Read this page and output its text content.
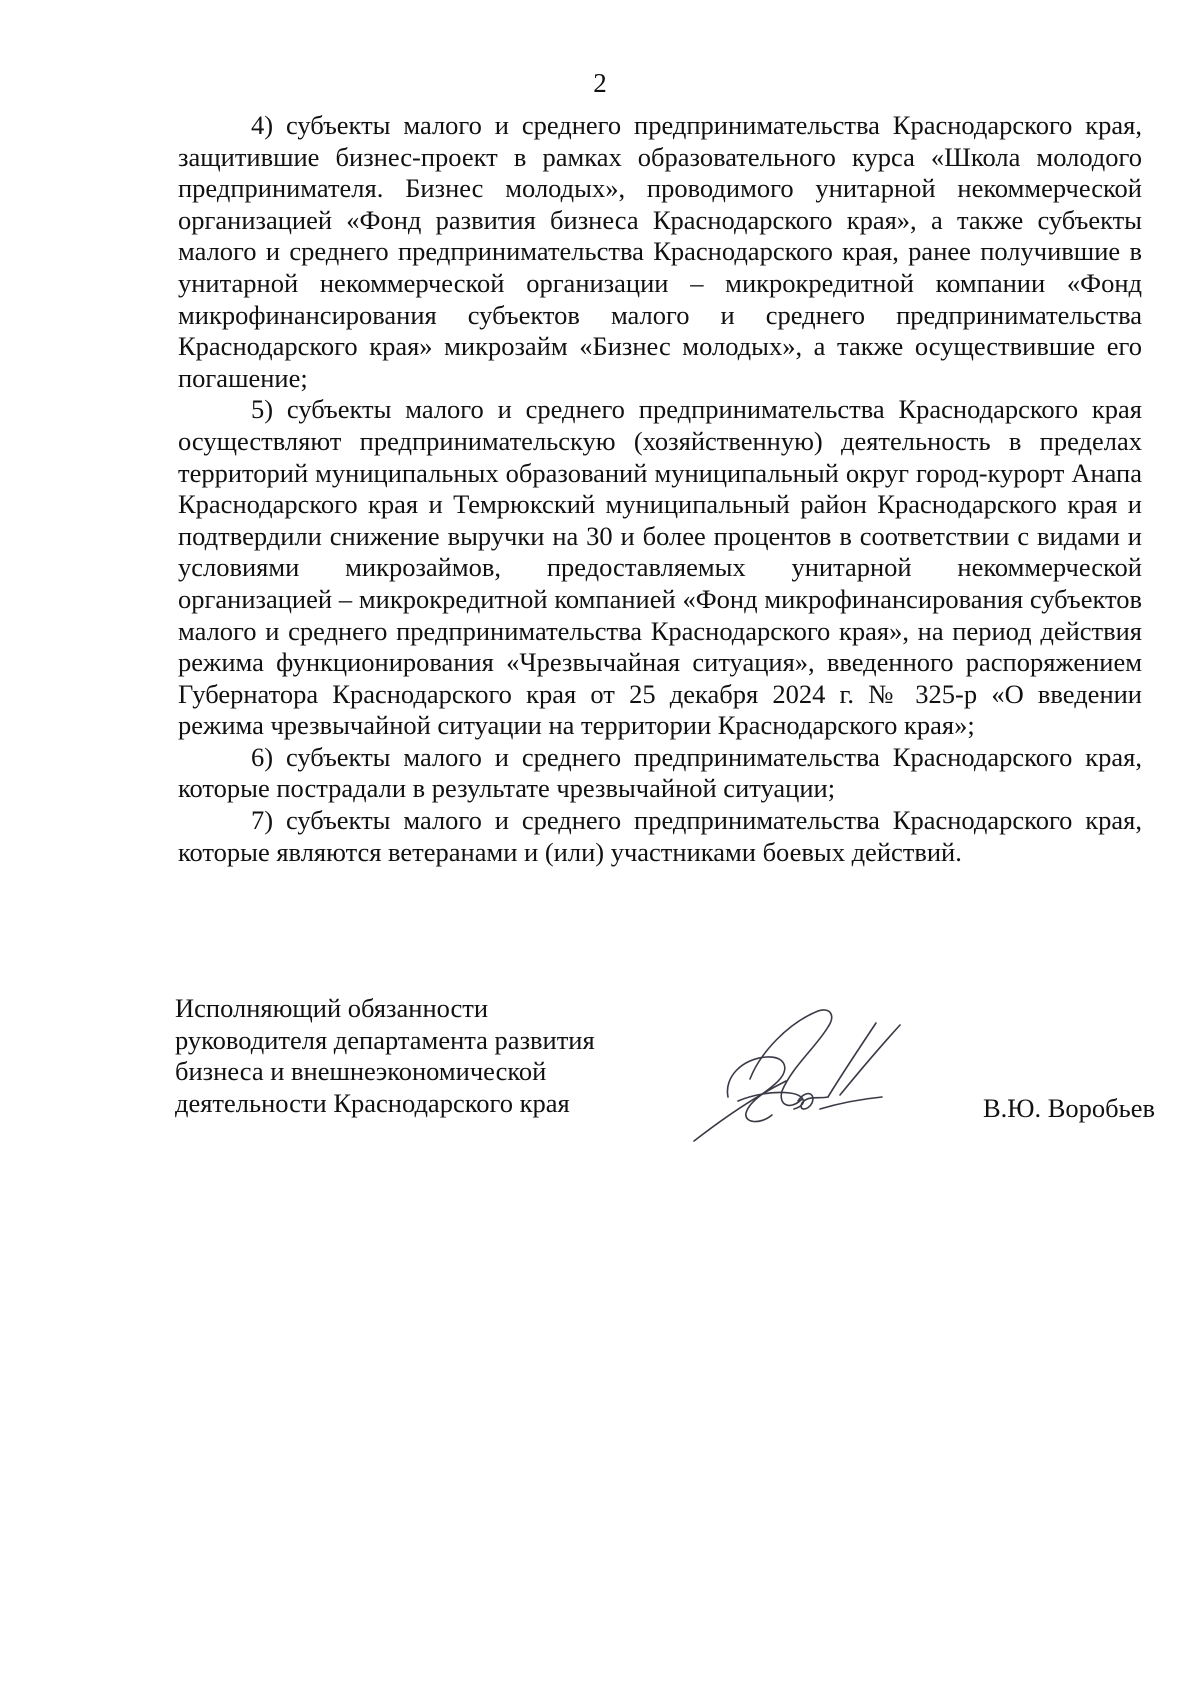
2

4) субъекты малого и среднего предпринимательства Краснодарского края, защитившие бизнес-проект в рамках образовательного курса «Школа молодого предпринимателя. Бизнес молодых», проводимого унитарной некоммерческой организацией «Фонд развития бизнеса Краснодарского края», а также субъекты малого и среднего предпринимательства Краснодарского края, ранее получившие в унитарной некоммерческой организации – микрокредитной компании «Фонд микрофинансирования субъектов малого и среднего предпринимательства Краснодарского края» микрозайм «Бизнес молодых», а также осуществившие его погашение;

5) субъекты малого и среднего предпринимательства Краснодарского края осуществляют предпринимательскую (хозяйственную) деятельность в пределах территорий муниципальных образований муниципальный округ город-курорт Анапа Краснодарского края и Темрюкский муниципальный район Краснодарского края и подтвердили снижение выручки на 30 и более процентов в соответствии с видами и условиями микрозаймов, предоставляемых унитарной некоммерческой организацией – микрокредитной компанией «Фонд микрофинансирования субъектов малого и среднего предпринимательства Краснодарского края», на период действия режима функционирования «Чрезвычайная ситуация», введенного распоряжением Губернатора Краснодарского края от 25 декабря 2024 г. № 325-р «О введении режима чрезвычайной ситуации на территории Краснодарского края»;

6) субъекты малого и среднего предпринимательства Краснодарского края, которые пострадали в результате чрезвычайной ситуации;

7) субъекты малого и среднего предпринимательства Краснодарского края, которые являются ветеранами и (или) участниками боевых действий.

Исполняющий обязанности
руководителя департамента развития
бизнеса и внешнеэкономической
деятельности Краснодарского края	В.Ю. Воробьев
